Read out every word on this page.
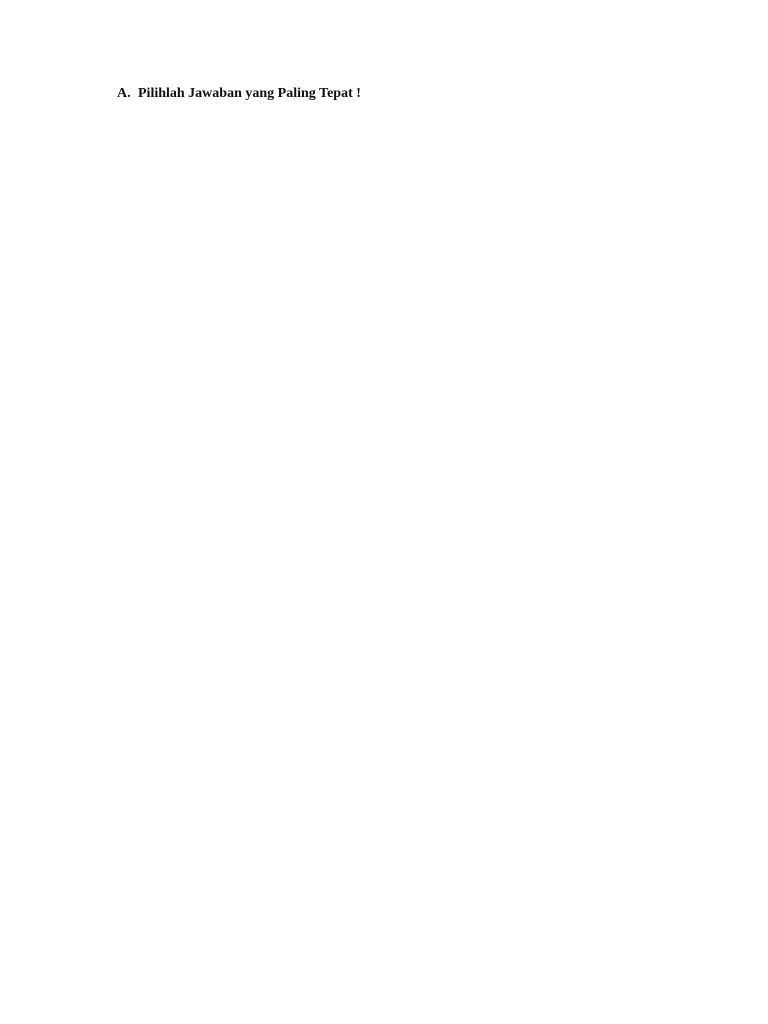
A. Pilihlah Jawaban yang Paling Tepat !
